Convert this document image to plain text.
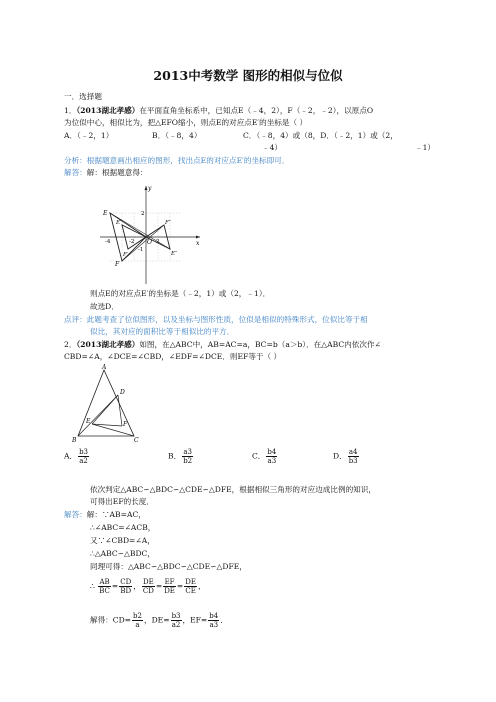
2013中考数学 图形的相似与位似
一．选择题
1．（2013湖北孝感）在平面直角坐标系中，已知点E（﹣4，2），F（﹣2，﹣2），以原点O
为位似中心，相似比为，把△EFO缩小，则点E的对应点E′的坐标是（ ）
A．（﹣2，1）	B．（﹣8，4）	C．（﹣8，4）或（8，D．（﹣2，1）或（2，
﹣4）	﹣1）
分析：根据题意画出相应的图形，找出点E的对应点E′的坐标即可．
解答：解：根据题意得：
y
x
E
F
O
E′
F′
F″
E″
-4	-2	2
2
-1
则点E的对应点E′的坐标是（﹣2，1）或（2，﹣1）．
故选D．
点评：此题考查了位似图形，以及坐标与图形性质，位似是相似的特殊形式，位似比等于相
似比，其对应的面积比等于相似比的平方．
2．（2013湖北孝感）如图，在△ABC中，AB=AC=a，BC=b（a＞b）．在△ABC内依次作∠
CBD=∠A，∠DCE=∠CBD，∠EDF=∠DCE．则EF等于（ ）
A
B	C
D
E	F
A． $\frac{b3}{a2}$	B． $\frac{a3}{b2}$	C． $\frac{b4}{a3}$	D． $\frac{a4}{b3}$
依次判定△ABC∽△BDC∽△CDE∽△DFE，根据相似三角形的对应边成比例的知识，
可得出EF的长度．
解答：解：∵AB=AC，
∴∠ABC=∠ACB，
又∵∠CBD=∠A，
∴△ABC∽△BDC，
同理可得：△ABC∽△BDC∽△CDE∽△DFE，
∴ $\frac{AB}{BC} = \frac{CD}{BD}$ ， $\frac{DE}{CD} = \frac{EF}{DE} = \frac{DE}{CE}$ ，
解得：$CD= \frac{b2}{a}$ ，$DE= \frac{b3}{a2}$ ，$EF= \frac{b4}{a3}$ ．
